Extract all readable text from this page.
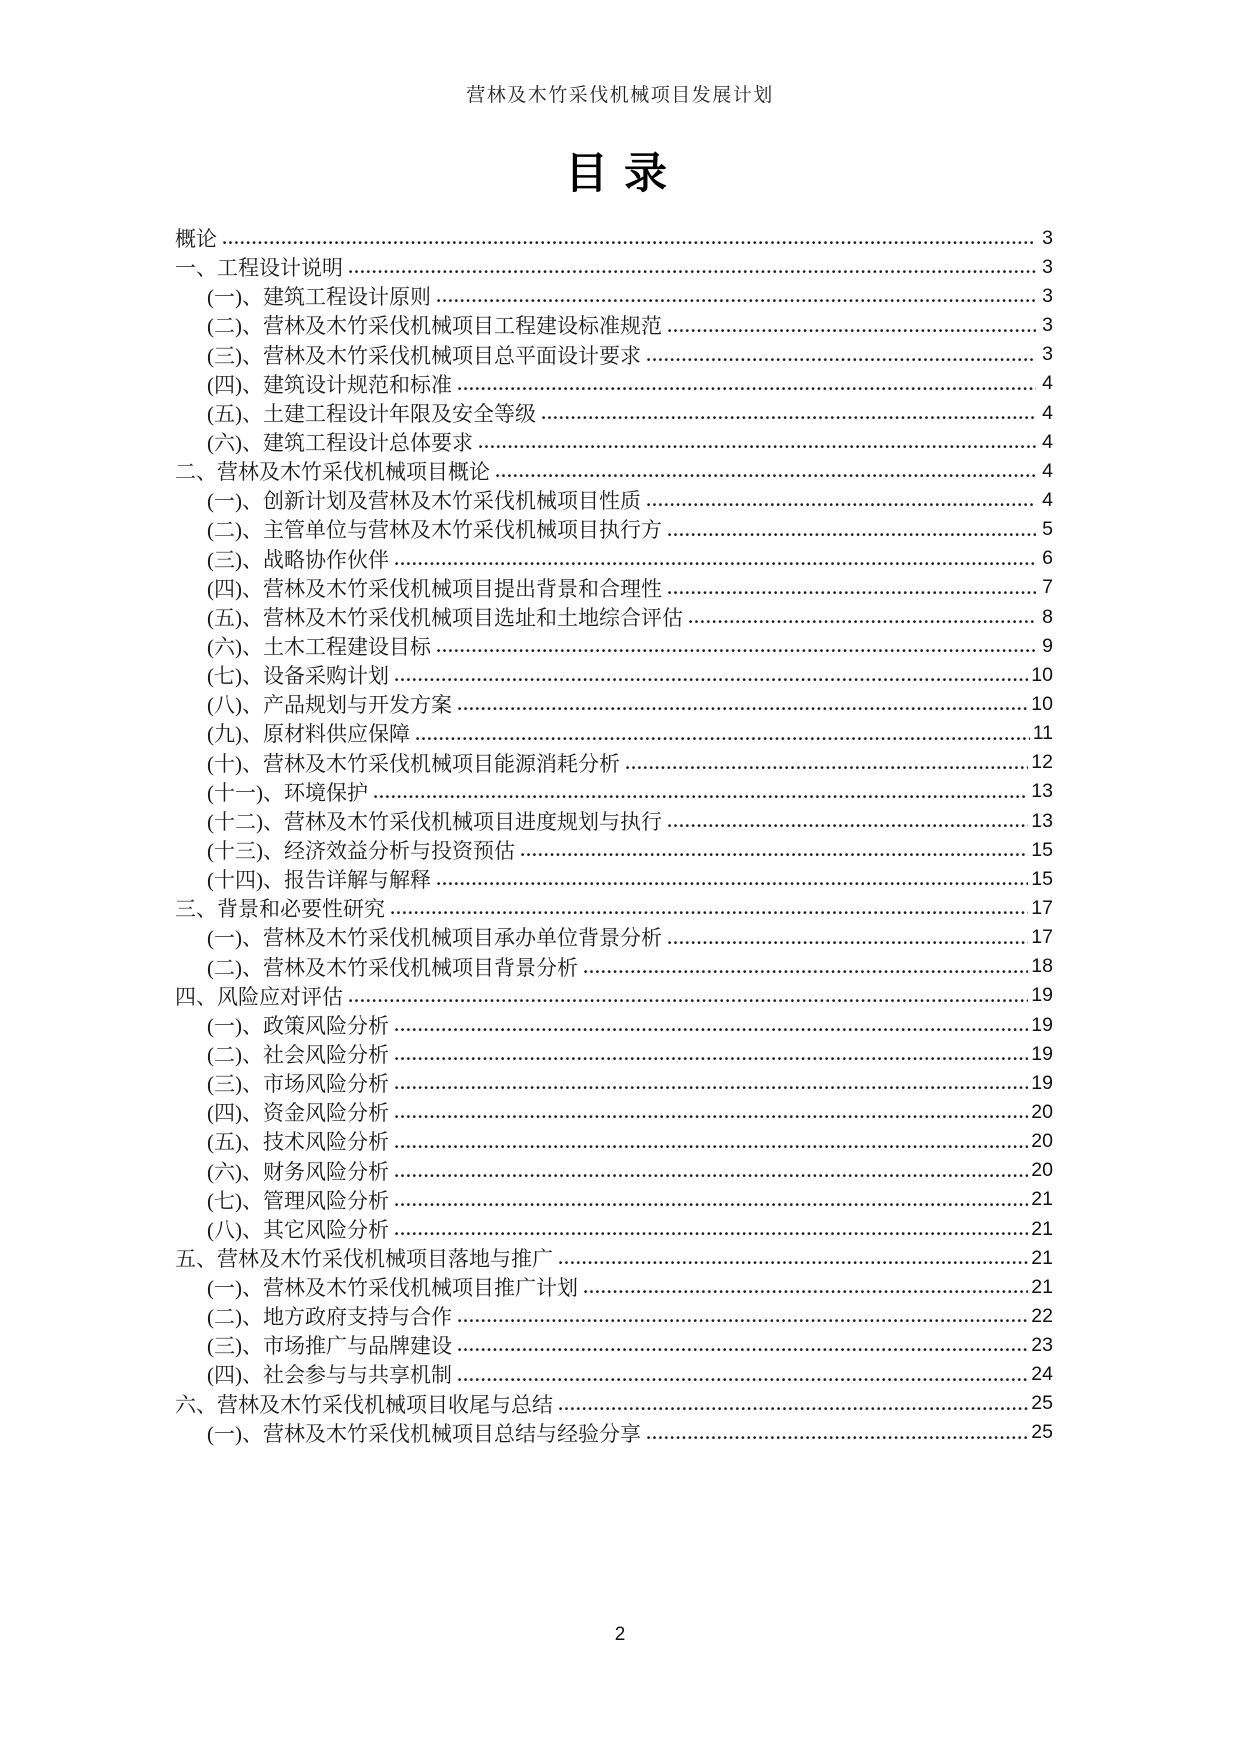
营林及木竹采伐机械项目发展计划
目录
概论	3
一、工程设计说明	3
(一)、建筑工程设计原则	3
(二)、营林及木竹采伐机械项目工程建设标准规范	3
(三)、营林及木竹采伐机械项目总平面设计要求	3
(四)、建筑设计规范和标准	4
(五)、土建工程设计年限及安全等级	4
(六)、建筑工程设计总体要求	4
二、营林及木竹采伐机械项目概论	4
(一)、创新计划及营林及木竹采伐机械项目性质	4
(二)、主管单位与营林及木竹采伐机械项目执行方	5
(三)、战略协作伙伴	6
(四)、营林及木竹采伐机械项目提出背景和合理性	7
(五)、营林及木竹采伐机械项目选址和土地综合评估	8
(六)、土木工程建设目标	9
(七)、设备采购计划	10
(八)、产品规划与开发方案	10
(九)、原材料供应保障	11
(十)、营林及木竹采伐机械项目能源消耗分析	12
(十一)、环境保护	13
(十二)、营林及木竹采伐机械项目进度规划与执行	13
(十三)、经济效益分析与投资预估	15
(十四)、报告详解与解释	15
三、背景和必要性研究	17
(一)、营林及木竹采伐机械项目承办单位背景分析	17
(二)、营林及木竹采伐机械项目背景分析	18
四、风险应对评估	19
(一)、政策风险分析	19
(二)、社会风险分析	19
(三)、市场风险分析	19
(四)、资金风险分析	20
(五)、技术风险分析	20
(六)、财务风险分析	20
(七)、管理风险分析	21
(八)、其它风险分析	21
五、营林及木竹采伐机械项目落地与推广	21
(一)、营林及木竹采伐机械项目推广计划	21
(二)、地方政府支持与合作	22
(三)、市场推广与品牌建设	23
(四)、社会参与与共享机制	24
六、营林及木竹采伐机械项目收尾与总结	25
(一)、营林及木竹采伐机械项目总结与经验分享	25
2
